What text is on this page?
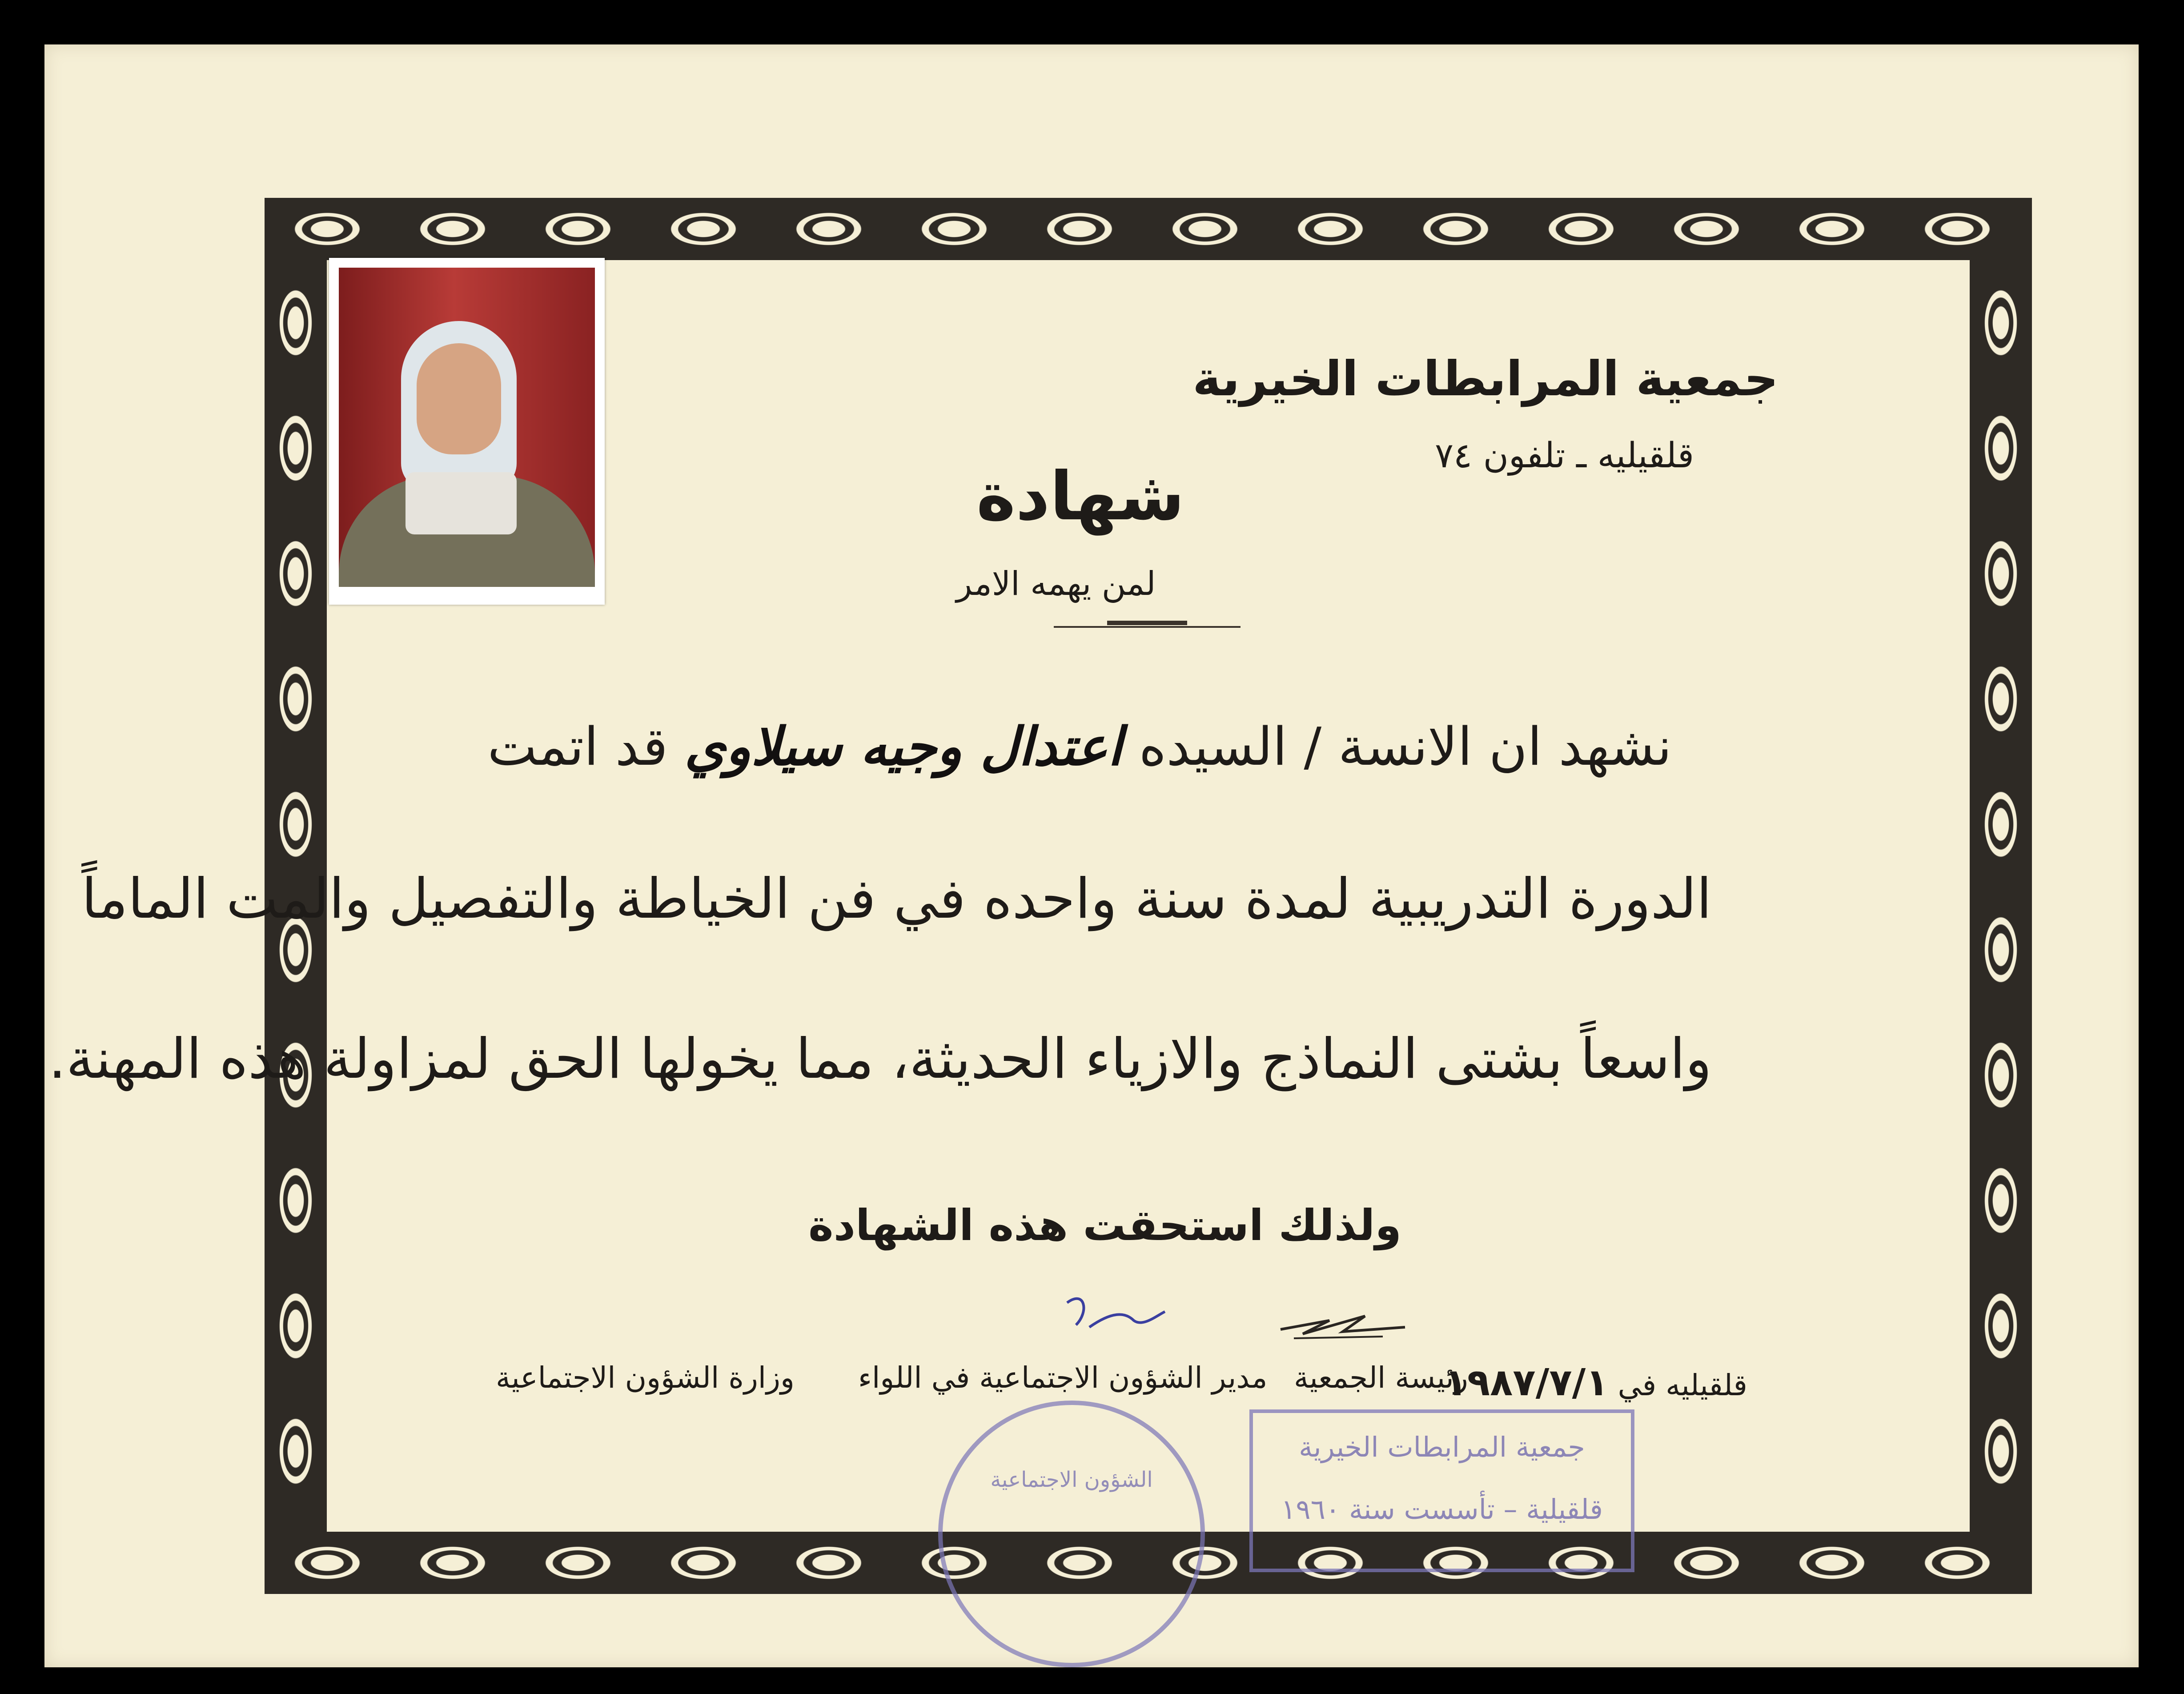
جمعية المرابطات الخيرية
قلقيليه ـ تلفون ٧٤
شهادة
لمن يهمه الامر
نشهد ان الانسة / السيده اعتدال وجيه سيلاوي قد اتمت
الدورة التدريبية لمدة سنة واحده في فن الخياطة والتفصيل والمت الماماً
واسعاً بشتى النماذج والازياء الحديثة، مما يخولها الحق لمزاولة هذه المهنة.
ولذلك استحقت هذه الشهادة
قلقيليه في ١٩٨٧/٧/١
رئيسة الجمعية
مدير الشؤون الاجتماعية في اللواء
وزارة الشؤون الاجتماعية
الشؤون الاجتماعية
جمعية المرابطات الخيرية
قلقيلية – تأسست سنة ١٩٦٠
